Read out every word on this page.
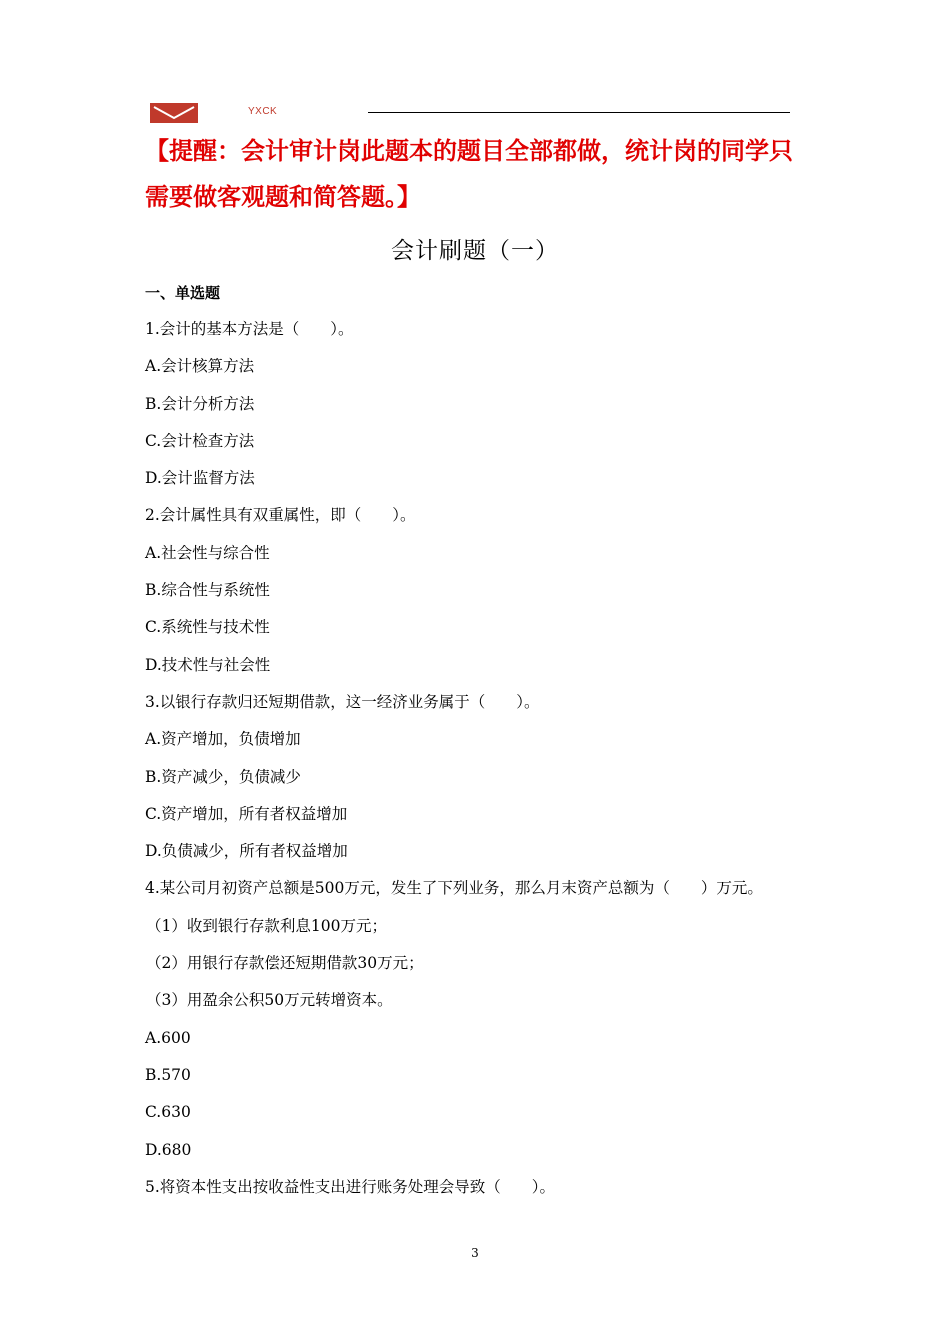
YXCK
【提醒：会计审计岗此题本的题目全部都做，统计岗的同学只需要做客观题和简答题。】
会计刷题（一）
一、单选题
1.会计的基本方法是（　　）。
A.会计核算方法
B.会计分析方法
C.会计检查方法
D.会计监督方法
2.会计属性具有双重属性，即（　　）。
A.社会性与综合性
B.综合性与系统性
C.系统性与技术性
D.技术性与社会性
3.以银行存款归还短期借款，这一经济业务属于（　　）。
A.资产增加，负债增加
B.资产减少，负债减少
C.资产增加，所有者权益增加
D.负债减少，所有者权益增加
4.某公司月初资产总额是500万元，发生了下列业务，那么月末资产总额为（　　）万元。
（1）收到银行存款利息100万元；
（2）用银行存款偿还短期借款30万元；
（3）用盈余公积50万元转增资本。
A.600
B.570
C.630
D.680
5.将资本性支出按收益性支出进行账务处理会导致（　　）。
3
